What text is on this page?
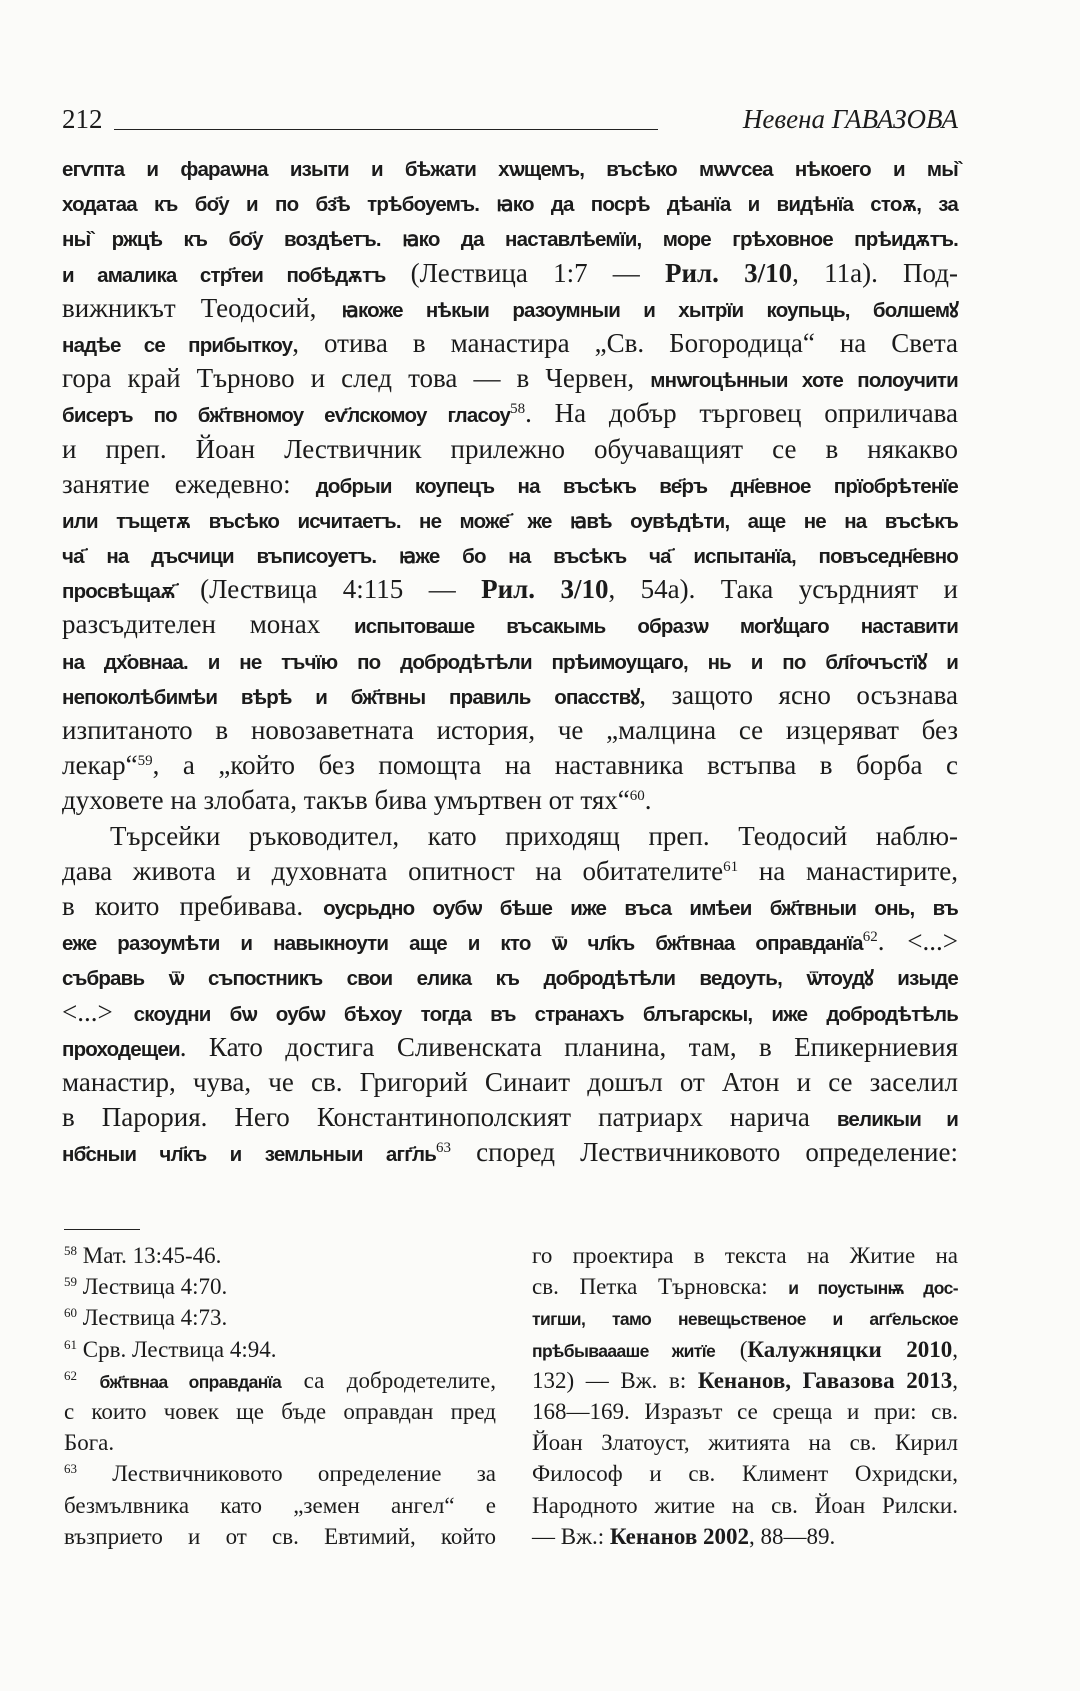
212	Невена ГАВАЗОВА
егѵпта и фараѡна изыти и бѣжати хѡщемъ, въсѣко мѡѵсеа нѣкоего и мы̏
ходатаа къ бо҃у и по бз҃ѣ трѣбоуемъ. ꙗко да посрѣ дѣанїа и видѣнїа стоѫ, за
ны̏ ржцѣ къ бо҃у воздѣетъ. ꙗко да наставлѣемїи, море грѣховное прѣидѫтъ.
и амалика стр҃теи побѣдѫтъ (Лествица 1:7 — Рил. 3/10, 11а). Под-
вижникът Теодосий, ꙗкоже нѣкыи разоумныи и хытрїи коупьць, болшемꙋ
надѣе се прибыткоу, отива в манастира „Св. Богородица“ на Света
гора край Търново и след това — в Червен, мнѡгоцѣнныи хоте полоучити
бисеръ по бж҃твномоу еѵ҃лскомоу гласоу$^{58}$. На добър търговец оприличава
и преп. Йоан Лествичник прилежно обучаващият се в някакво
занятие ежедевно: добрыи коупецъ на въсѣкъ ве҃ръ дн҃евное прїобрѣтенїе
или тъщетѫ въсѣко исчитаетъ. не може҃ же ꙗвѣ оувѣдѣти, аще не на въсѣкъ
ча҃ на дъсчици въписоуетъ. ꙗже бо на въсѣкъ ча҃ испытанїа, повъседн҃евно
просвѣщаѫ҃ (Лествица 4:115 — Рил. 3/10, 54а). Така усърдният и
разсъдителен монах испытоваше въсакымь образѡ могꙋщаго наставити
на дх҃овнаа. и не тъчїю по добродѣтѣли прѣимоущаго, нь и по бл҃гочъстїꙋ и
непоколѣбимѣи вѣрѣ и бж҃твны правиль опасствꙋ, защото ясно осъзнава
изпитаното в новозаветната история, че „малцина се изцеряват без
лекар“$^{59}$, а „който без помощта на наставника встъпва в борба с
духовете на злобата, такъв бива умъртвен от тях“$^{60}$.
Търсейки ръководител, като приходящ преп. Теодосий наблю-
дава живота и духовната опитност на обитателите$^{61}$ на манастирите,
в които пребивава. оусрьдно оубѡ бѣше иже въса имѣеи бж҃твныи онь, въ
еже разоумѣти и навыкноути аще и кто ѿ чл҃къ бж҃твнаа оправданїа$^{62}$. <...>
събравь ѿ съпостникъ свои елика къ добродѣтѣли ведоуть, ѿтоудꙋ изыде
<...> скоудни бѡ оубѡ бѣхоу тогда въ странахъ блъгарскы, иже добродѣтѣль
проходещеи. Като достига Сливенската планина, там, в Епикерниевия
манастир, чува, че св. Григорий Синаит дошъл от Атон и се заселил
в Парория. Него Константинополският патриарх нарича великыи и
нб҃сныи чл҃къ и земльныи $агг҃ль^{63}$ според Лествичниковото определение:
$^{58}$ Мат. 13:45-46.
$^{59}$ Лествица 4:70.
$^{60}$ Лествица 4:73.
$^{61}$ Срв. Лествица 4:94.
$^{62}$ бж҃твнаа оправданїа са добродетелите,
с които човек ще бъде оправдан пред
Бога.
$^{63}$ Лествичниковото определение за
безмълвника като „земен ангел“ е
възприето и от св. Евтимий, който
го проектира в текста на Житие на
св. Петка Търновска: и поустынѭ дос-
тигши, тамо невещьственое и агг҃ельское
прѣбываааше житїе (Калужняцки 2010,
132) — Вж. в: Кенанов, Гавазова 2013,
168—169. Изразът се среща и при: св.
Йоан Златоуст, житията на св. Кирил
Философ и св. Климент Охридски,
Народното житие на св. Йоан Рилски.
— Вж.: Кенанов 2002, 88—89.
